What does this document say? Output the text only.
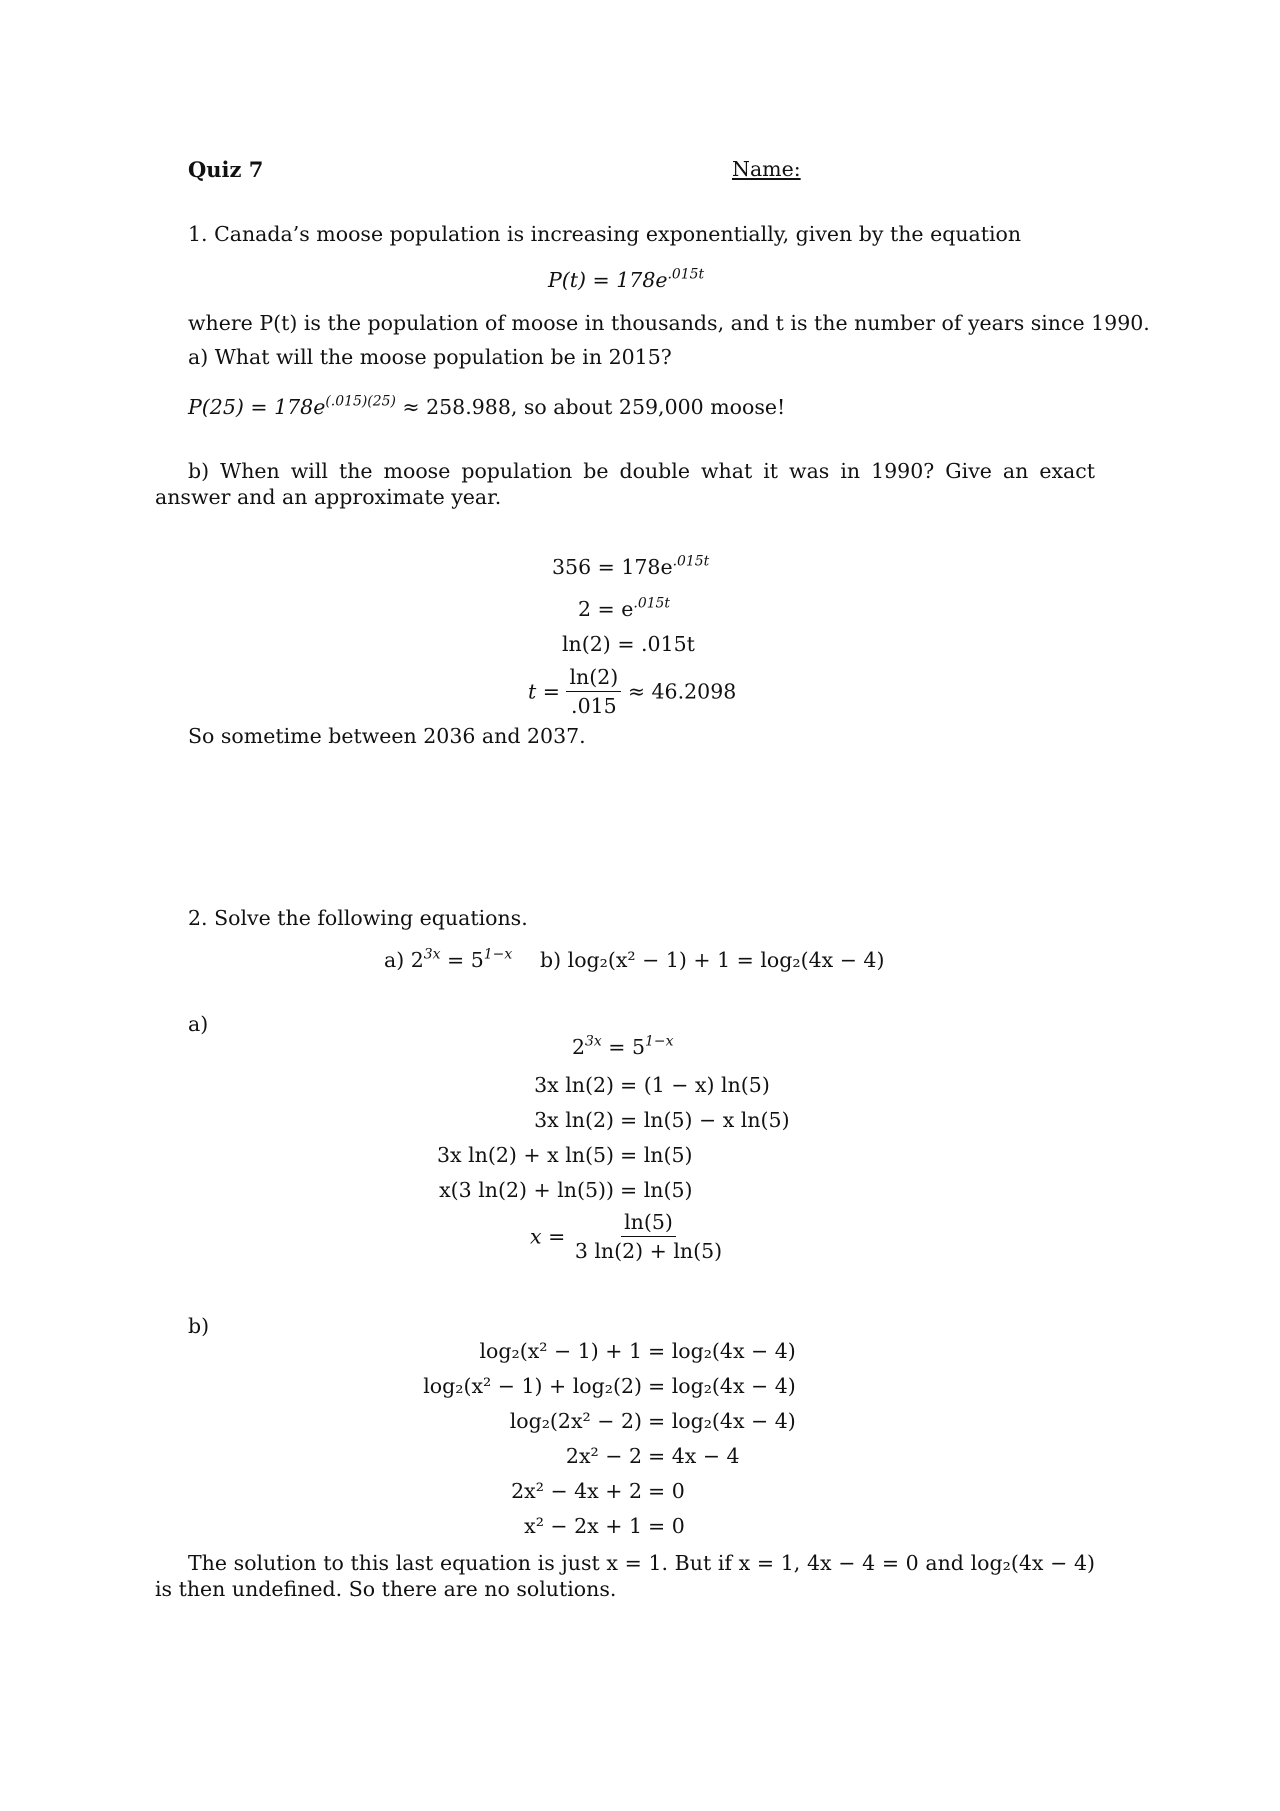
Quiz 7	Name:
1. Canada’s moose population is increasing exponentially, given by the equation
$P(t) = 178e^{.015t}$
where P(t) is the population of moose in thousands, and t is the number of years since 1990.
a) What will the moose population be in 2015?
$P(25) = 178e^{(.015)(25)} \approx 258.988$, so about 259,000 moose!
b) When will the moose population be double what it was in 1990? Give an exact answer and an approximate year.
$356 = 178e^{.015t}$
$2 = e^{.015t}$
ln(2) = .015t
$t = \frac{\ln(2)}{.015} \approx 46.2098$
So sometime between 2036 and 2037.
2. Solve the following equations.
a) $2^{3x} = 5^{1-x}$ b) log₂(x² − 1) + 1 = log₂(4x − 4)
a)
$2^{3x} = 5^{1-x}$
3x ln(2) = (1 − x) ln(5)
3x ln(2) = ln(5) − x ln(5)
3x ln(2) + x ln(5) = ln(5)
x(3 ln(2) + ln(5)) = ln(5)
$x = \frac{\ln(5)}{3 \ln(2) + \ln(5)}$
b)
log₂(x² − 1) + 1 = log₂(4x − 4)
log₂(x² − 1) + log₂(2) = log₂(4x − 4)
log₂(2x² − 2) = log₂(4x − 4)
2x² − 2 = 4x − 4
2x² − 4x + 2 = 0
x² − 2x + 1 = 0
The solution to this last equation is just x = 1. But if x = 1, 4x − 4 = 0 and log₂(4x − 4) is then undefined. So there are no solutions.
